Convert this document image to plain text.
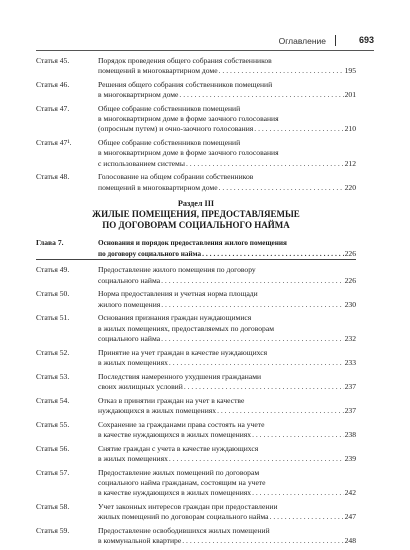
Оглавление	693
Статья 45.	Порядок проведения общего собрания собственников
помещений в многоквартирном доме . . .	195
Статья 46.	Решения общего собрания собственников помещений
в многоквартирном доме . . .	201
Статья 47.	Общее собрание собственников помещений
в многоквартирном доме в форме заочного голосования
(опросным путем) и очно-заочного голосования . . .	210
Статья 47¹.	Общее собрание собственников помещений
в многоквартирном доме в форме заочного голосования
с использованием системы . . .	212
Статья 48.	Голосование на общем собрании собственников
помещений в многоквартирном доме . . .	220
Раздел III
ЖИЛЫЕ ПОМЕЩЕНИЯ, ПРЕДОСТАВЛЯЕМЫЕ
ПО ДОГОВОРАМ СОЦИАЛЬНОГО НАЙМА
Глава 7.	Основания и порядок предоставления жилого помещения
по договору социального найма . . .	226
Статья 49.	Предоставление жилого помещения по договору
социального найма . . .	226
Статья 50.	Норма предоставления и учетная норма площади
жилого помещения . . .	230
Статья 51.	Основания признания граждан нуждающимися
в жилых помещениях, предоставляемых по договорам
социального найма . . .	232
Статья 52.	Принятие на учет граждан в качестве нуждающихся
в жилых помещениях . . .	233
Статья 53.	Последствия намеренного ухудшения гражданами
своих жилищных условий . . .	237
Статья 54.	Отказ в принятии граждан на учет в качестве
нуждающихся в жилых помещениях . . .	237
Статья 55.	Сохранение за гражданами права состоять на учете
в качестве нуждающихся в жилых помещениях . . .	238
Статья 56.	Снятие граждан с учета в качестве нуждающихся
в жилых помещениях . . .	239
Статья 57.	Предоставление жилых помещений по договорам
социального найма гражданам, состоящим на учете
в качестве нуждающихся в жилых помещениях . . .	242
Статья 58.	Учет законных интересов граждан при предоставлении
жилых помещений по договорам социального найма . . .	247
Статья 59.	Предоставление освободившихся жилых помещений
в коммунальной квартире . . .	248
